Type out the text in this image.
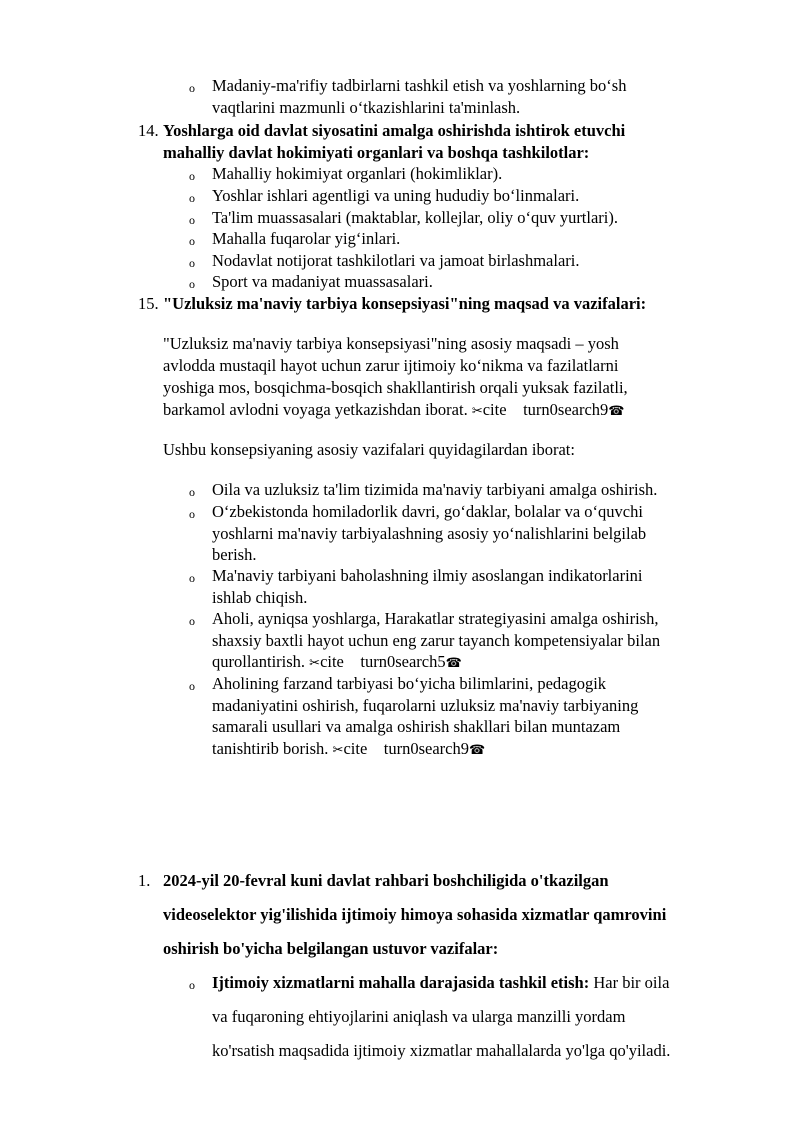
o Madaniy-ma'rifiy tadbirlarni tashkil etish va yoshlarning bo‘sh
vaqtlarini mazmunli o‘tkazishlarini ta'minlash.
14. Yoshlarga oid davlat siyosatini amalga oshirishda ishtirok etuvchi
mahalliy davlat hokimiyati organlari va boshqa tashkilotlar:
o Mahalliy hokimiyat organlari (hokimliklar).
o Yoshlar ishlari agentligi va uning hududiy bo‘linmalari.
o Ta'lim muassasalari (maktablar, kollejlar, oliy o‘quv yurtlari).
o Mahalla fuqarolar yig‘inlari.
o Nodavlat notijorat tashkilotlari va jamoat birlashmalari.
o Sport va madaniyat muassasalari.
15. "Uzluksiz ma'naviy tarbiya konsepsiyasi"ning maqsad va vazifalari:
"Uzluksiz ma'naviy tarbiya konsepsiyasi"ning asosiy maqsadi – yosh
avlodda mustaqil hayot uchun zarur ijtimoiy ko‘nikma va fazilatlarni
yoshiga mos, bosqichma-bosqich shakllantirish orqali yuksak fazilatli,
barkamol avlodni voyaga yetkazishdan iborat. ✂cite turn0search9☎
Ushbu konsepsiyaning asosiy vazifalari quyidagilardan iborat:
o Oila va uzluksiz ta'lim tizimida ma'naviy tarbiyani amalga oshirish.
o O‘zbekistonda homiladorlik davri, go‘daklar, bolalar va o‘quvchi
yoshlarni ma'naviy tarbiyalashning asosiy yo‘nalishlarini belgilab
berish.
o Ma'naviy tarbiyani baholashning ilmiy asoslangan indikatorlarini
ishlab chiqish.
o Aholi, ayniqsa yoshlarga, Harakatlar strategiyasini amalga oshirish,
shaxsiy baxtli hayot uchun eng zarur tayanch kompetensiyalar bilan
qurollantirish. ✂cite turn0search5☎
o Aholining farzand tarbiyasi bo‘yicha bilimlarini, pedagogik
madaniyatini oshirish, fuqarolarni uzluksiz ma'naviy tarbiyaning
samarali usullari va amalga oshirish shakllari bilan muntazam
tanishtirib borish. ✂cite turn0search9☎
1. 2024-yil 20-fevral kuni davlat rahbari boshchiligida o'tkazilgan
videoselektor yig'ilishida ijtimoiy himoya sohasida xizmatlar qamrovini
oshirish bo'yicha belgilangan ustuvor vazifalar:
o Ijtimoiy xizmatlarni mahalla darajasida tashkil etish: Har bir oila
va fuqaroning ehtiyojlarini aniqlash va ularga manzilli yordam
ko'rsatish maqsadida ijtimoiy xizmatlar mahallalarda yo'lga qo'yiladi.
